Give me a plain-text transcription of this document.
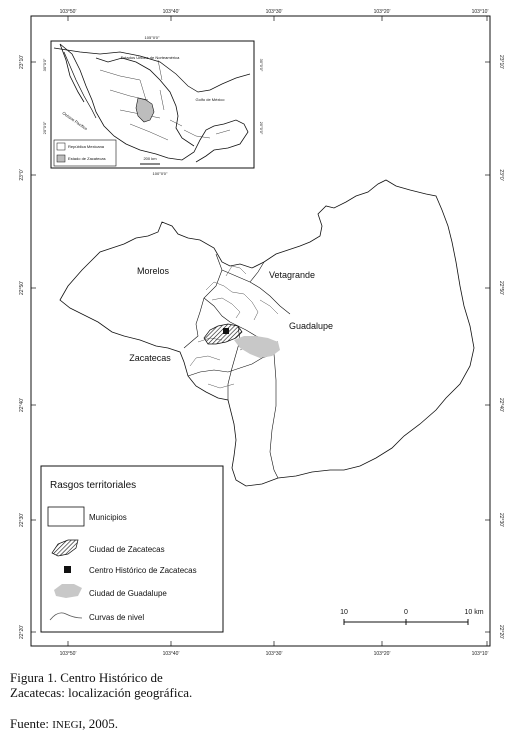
103°50'	103°40'	103°30'	103°20'	103°10'
103°50'	103°40'	103°30'	103°20'	103°10'
23°10'
23°0'
22°50'
22°40'
22°30'
22°20'
23°10'
23°0'
22°50'
22°40'
22°30'
22°20'
105°0'0"
100°0'0"
30°0'0"
20°0'0"
30°0'0"
20°0'0"
Estados Unidos de Norteamérica
Golfo de México
Océano Pacífico
República Mexicana
Estado de Zacatecas	200 km
Morelos	Vetagrande
Guadalupe
Zacatecas
Rasgos territoriales
Municipios
Ciudad de Zacatecas
Centro Histórico de Zacatecas
Ciudad de Guadalupe
Curvas de nivel
10	0	10 km
Figura 1. Centro Histórico de
Zacatecas: localización geográfica.
Fuente: INEGI, 2005.
